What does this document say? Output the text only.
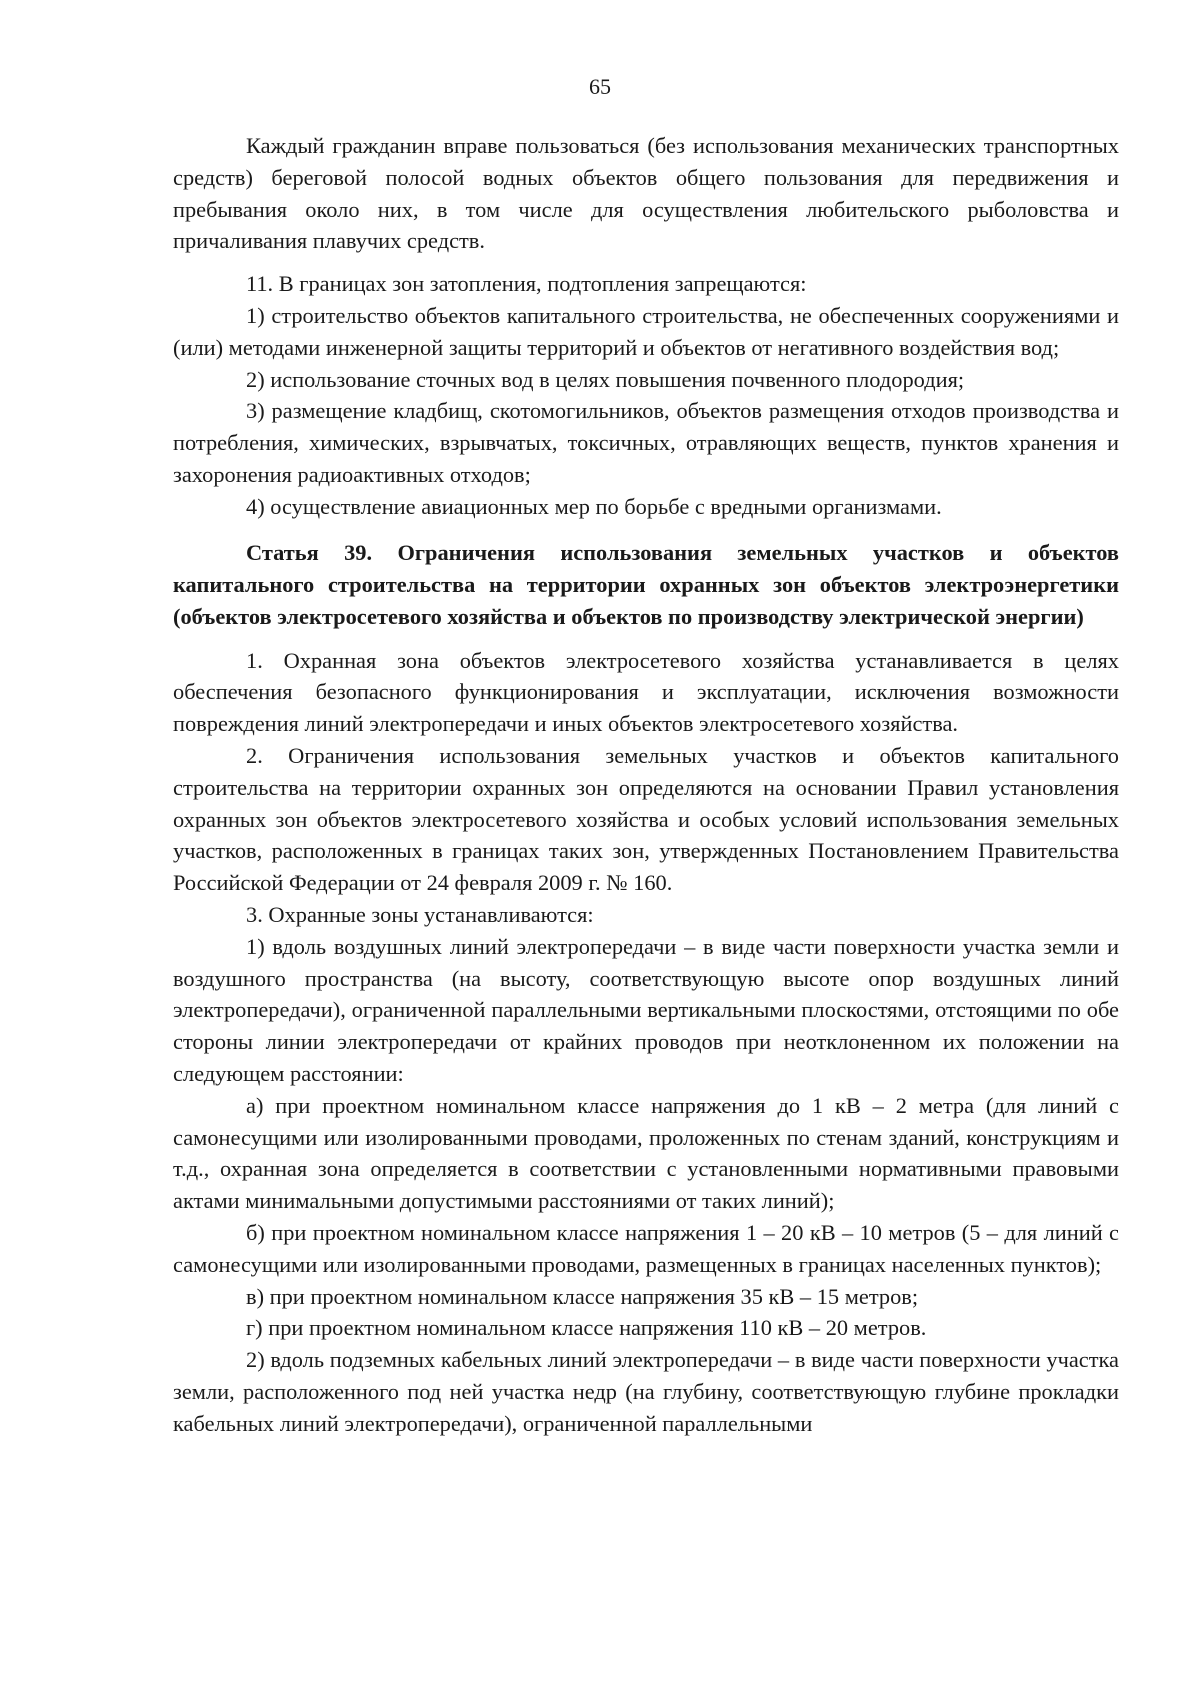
65

Каждый гражданин вправе пользоваться (без использования механических транспортных средств) береговой полосой водных объектов общего пользования для передвижения и пребывания около них, в том числе для осуществления любительского рыболовства и причаливания плавучих средств.

11. В границах зон затопления, подтопления запрещаются:

1) строительство объектов капитального строительства, не обеспеченных сооружениями и (или) методами инженерной защиты территорий и объектов от негативного воздействия вод;

2) использование сточных вод в целях повышения почвенного плодородия;

3) размещение кладбищ, скотомогильников, объектов размещения отходов производства и потребления, химических, взрывчатых, токсичных, отравляющих веществ, пунктов хранения и захоронения радиоактивных отходов;

4) осуществление авиационных мер по борьбе с вредными организмами.

Статья 39. Ограничения использования земельных участков и объектов капитального строительства на территории охранных зон объектов электроэнергетики (объектов электросетевого хозяйства и объектов по производству электрической энергии)

1. Охранная зона объектов электросетевого хозяйства устанавливается в целях обеспечения безопасного функционирования и эксплуатации, исключения возможности повреждения линий электропередачи и иных объектов электросетевого хозяйства.

2. Ограничения использования земельных участков и объектов капитального строительства на территории охранных зон определяются на основании Правил установления охранных зон объектов электросетевого хозяйства и особых условий использования земельных участков, расположенных в границах таких зон, утвержденных Постановлением Правительства Российской Федерации от 24 февраля 2009 г. № 160.

3. Охранные зоны устанавливаются:

1) вдоль воздушных линий электропередачи – в виде части поверхности участка земли и воздушного пространства (на высоту, соответствующую высоте опор воздушных линий электропередачи), ограниченной параллельными вертикальными плоскостями, отстоящими по обе стороны линии электропередачи от крайних проводов при неотклоненном их положении на следующем расстоянии:

а) при проектном номинальном классе напряжения до 1 кВ – 2 метра (для линий с самонесущими или изолированными проводами, проложенных по стенам зданий, конструкциям и т.д., охранная зона определяется в соответствии с установленными нормативными правовыми актами минимальными допустимыми расстояниями от таких линий);

б) при проектном номинальном классе напряжения 1 – 20 кВ – 10 метров (5 – для линий с самонесущими или изолированными проводами, размещенных в границах населенных пунктов);

в) при проектном номинальном классе напряжения 35 кВ – 15 метров;

г) при проектном номинальном классе напряжения 110 кВ – 20 метров.

2) вдоль подземных кабельных линий электропередачи – в виде части поверхности участка земли, расположенного под ней участка недр (на глубину, соответствующую глубине прокладки кабельных линий электропередачи), ограниченной параллельными
